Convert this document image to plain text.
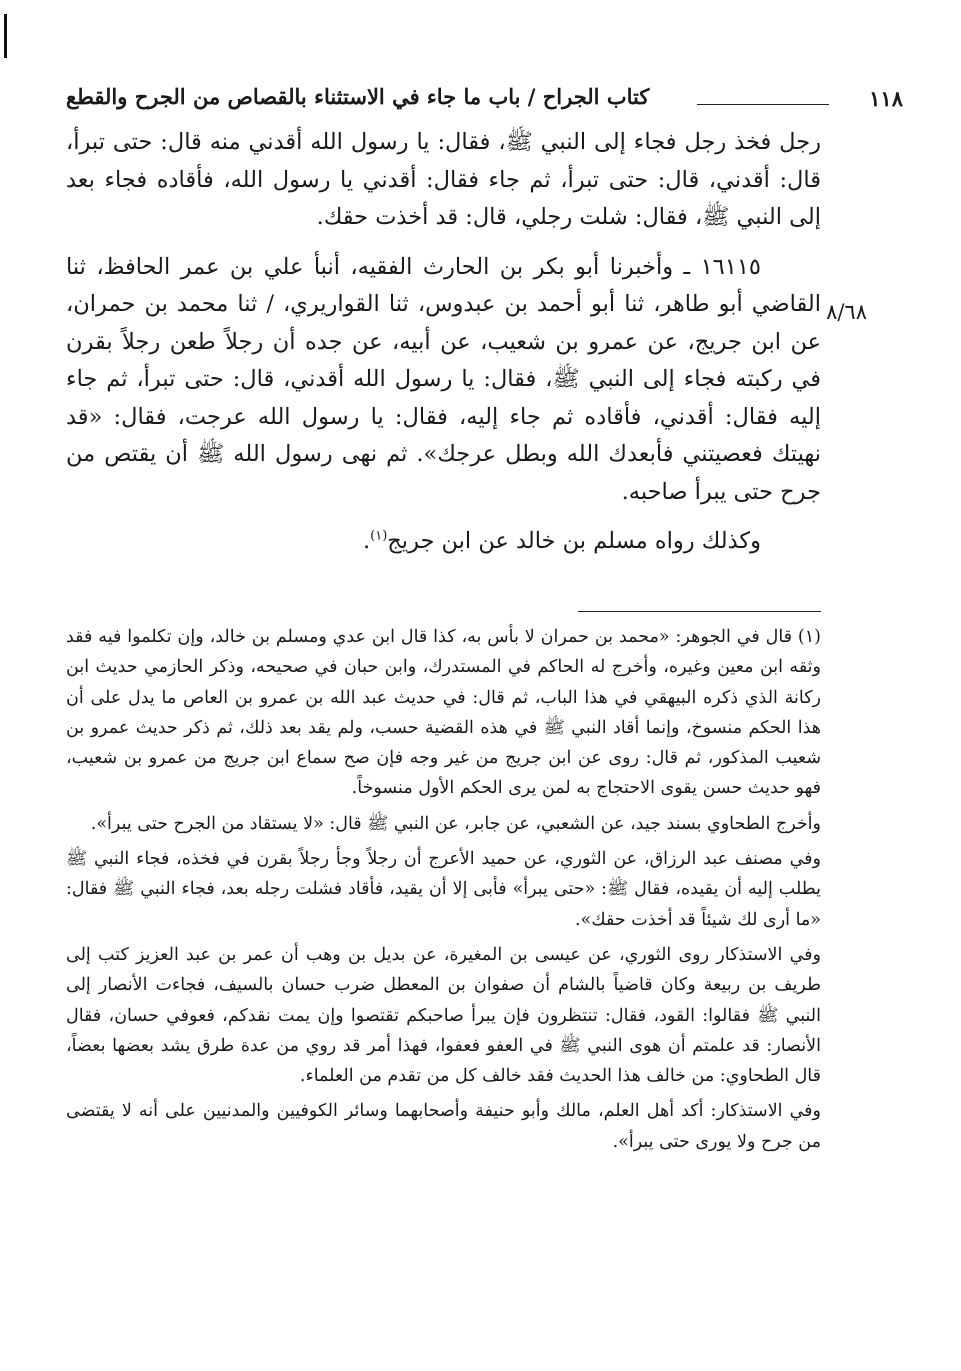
١١٨
كتاب الجراح / باب ما جاء في الاستثناء بالقصاص من الجرح والقطع
٨/٦٨

رجل فخذ رجل فجاء إلى النبي ﷺ، فقال: يا رسول الله أقدني منه قال: حتى تبرأ، قال: أقدني، قال: حتى تبرأ، ثم جاء فقال: أقدني يا رسول الله، فأقاده فجاء بعد إلى النبي ﷺ، فقال: شلت رجلي، قال: قد أخذت حقك.

١٦١١٥ ـ وأخبرنا أبو بكر بن الحارث الفقيه، أنبأ علي بن عمر الحافظ، ثنا القاضي أبو طاهر، ثنا أبو أحمد بن عبدوس، ثنا القواريري، / ثنا محمد بن حمران، عن ابن جريج، عن عمرو بن شعيب، عن أبيه، عن جده أن رجلاً طعن رجلاً بقرن في ركبته فجاء إلى النبي ﷺ، فقال: يا رسول الله أقدني، قال: حتى تبرأ، ثم جاء إليه فقال: أقدني، فأقاده ثم جاء إليه، فقال: يا رسول الله عرجت، فقال: «قد نهيتك فعصيتني فأبعدك الله وبطل عرجك». ثم نهى رسول الله ﷺ أن يقتص من جرح حتى يبرأ صاحبه.

وكذلك رواه مسلم بن خالد عن ابن جريج$^{(١)}$.

(١) قال في الجوهر: «محمد بن حمران لا بأس به، كذا قال ابن عدي ومسلم بن خالد، وإن تكلموا فيه فقد وثقه ابن معين وغيره، وأخرج له الحاكم في المستدرك، وابن حبان في صحيحه، وذكر الحازمي حديث ابن ركانة الذي ذكره البيهقي في هذا الباب، ثم قال: في حديث عبد الله بن عمرو بن العاص ما يدل على أن هذا الحكم منسوخ، وإنما أقاد النبي ﷺ في هذه القضية حسب، ولم يقد بعد ذلك، ثم ذكر حديث عمرو بن شعيب المذكور، ثم قال: روى عن ابن جريج من غير وجه فإن صح سماع ابن جريج من عمرو بن شعيب، فهو حديث حسن يقوى الاحتجاج به لمن يرى الحكم الأول منسوخاً.

وأخرج الطحاوي بسند جيد، عن الشعبي، عن جابر، عن النبي ﷺ قال: «لا يستقاد من الجرح حتى يبرأ».

وفي مصنف عبد الرزاق، عن الثوري، عن حميد الأعرج أن رجلاً وجأ رجلاً بقرن في فخذه، فجاء النبي ﷺ يطلب إليه أن يقيده، فقال ﷺ: «حتى يبرأ» فأبى إلا أن يقيد، فأقاد فشلت رجله بعد، فجاء النبي ﷺ فقال: «ما أرى لك شيئاً قد أخذت حقك».

وفي الاستذكار روى الثوري، عن عيسى بن المغيرة، عن بديل بن وهب أن عمر بن عبد العزيز كتب إلى طريف بن ربيعة وكان قاضياً بالشام أن صفوان بن المعطل ضرب حسان بالسيف، فجاءت الأنصار إلى النبي ﷺ فقالوا: القود، فقال: تنتظرون فإن يبرأ صاحبكم تقتصوا وإن يمت نقدكم، فعوفي حسان، فقال الأنصار: قد علمتم أن هوى النبي ﷺ في العفو فعفوا، فهذا أمر قد روي من عدة طرق يشد بعضها بعضاً، قال الطحاوي: من خالف هذا الحديث فقد خالف كل من تقدم من العلماء.

وفي الاستذكار: أكد أهل العلم، مالك وأبو حنيفة وأصحابهما وسائر الكوفيين والمدنيين على أنه لا يقتضى من جرح ولا يورى حتى يبرأ».
